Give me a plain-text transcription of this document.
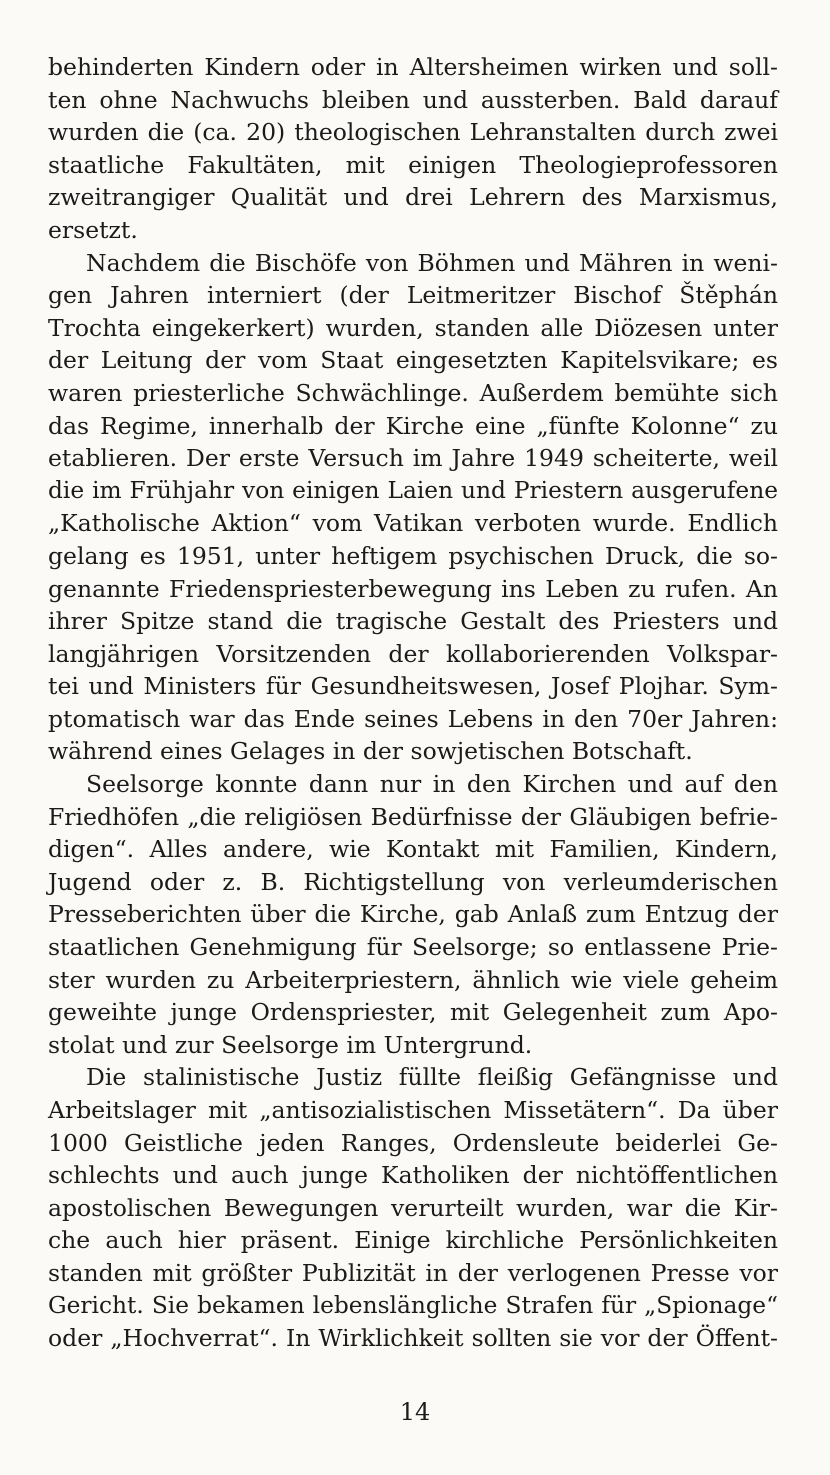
behinderten Kindern oder in Altersheimen wirken und soll-
ten ohne Nachwuchs bleiben und aussterben. Bald darauf
wurden die (ca. 20) theologischen Lehranstalten durch zwei
staatliche Fakultäten, mit einigen Theologieprofessoren
zweitrangiger Qualität und drei Lehrern des Marxismus,
ersetzt.
Nachdem die Bischöfe von Böhmen und Mähren in weni-
gen Jahren interniert (der Leitmeritzer Bischof Štěphán
Trochta eingekerkert) wurden, standen alle Diözesen unter
der Leitung der vom Staat eingesetzten Kapitelsvikare; es
waren priesterliche Schwächlinge. Außerdem bemühte sich
das Regime, innerhalb der Kirche eine „fünfte Kolonne“ zu
etablieren. Der erste Versuch im Jahre 1949 scheiterte, weil
die im Frühjahr von einigen Laien und Priestern ausgerufene
„Katholische Aktion“ vom Vatikan verboten wurde. Endlich
gelang es 1951, unter heftigem psychischen Druck, die so-
genannte Friedenspriesterbewegung ins Leben zu rufen. An
ihrer Spitze stand die tragische Gestalt des Priesters und
langjährigen Vorsitzenden der kollaborierenden Volkspar-
tei und Ministers für Gesundheitswesen, Josef Plojhar. Sym-
ptomatisch war das Ende seines Lebens in den 70er Jahren:
während eines Gelages in der sowjetischen Botschaft.
Seelsorge konnte dann nur in den Kirchen und auf den
Friedhöfen „die religiösen Bedürfnisse der Gläubigen befrie-
digen“. Alles andere, wie Kontakt mit Familien, Kindern,
Jugend oder z. B. Richtigstellung von verleumderischen
Presseberichten über die Kirche, gab Anlaß zum Entzug der
staatlichen Genehmigung für Seelsorge; so entlassene Prie-
ster wurden zu Arbeiterpriestern, ähnlich wie viele geheim
geweihte junge Ordenspriester, mit Gelegenheit zum Apo-
stolat und zur Seelsorge im Untergrund.
Die stalinistische Justiz füllte fleißig Gefängnisse und
Arbeitslager mit „antisozialistischen Missetätern“. Da über
1000 Geistliche jeden Ranges, Ordensleute beiderlei Ge-
schlechts und auch junge Katholiken der nichtöffentlichen
apostolischen Bewegungen verurteilt wurden, war die Kir-
che auch hier präsent. Einige kirchliche Persönlichkeiten
standen mit größter Publizität in der verlogenen Presse vor
Gericht. Sie bekamen lebenslängliche Strafen für „Spionage“
oder „Hochverrat“. In Wirklichkeit sollten sie vor der Öffent-
14
